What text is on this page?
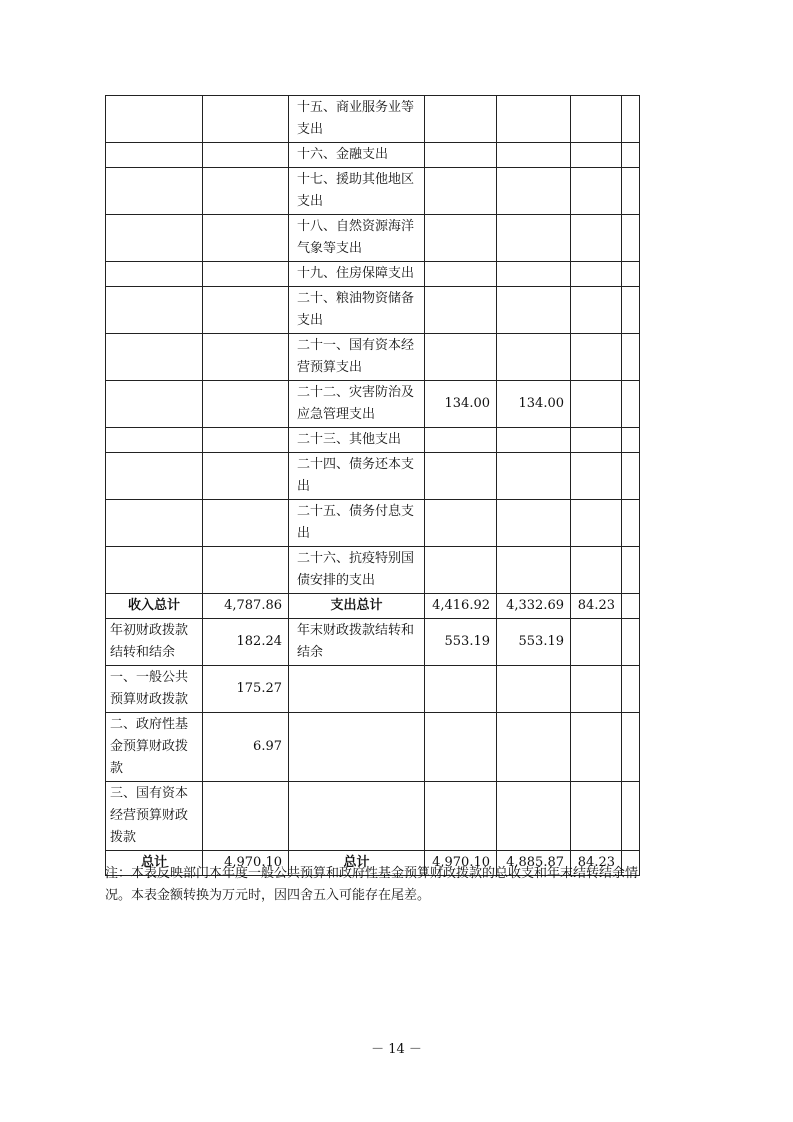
		十五、商业服务业等支出				
		十六、金融支出				
		十七、援助其他地区支出				
		十八、自然资源海洋气象等支出				
		十九、住房保障支出				
		二十、粮油物资储备支出				
		二十一、国有资本经营预算支出				
		二十二、灾害防治及应急管理支出	134.00	134.00		
		二十三、其他支出				
		二十四、债务还本支出				
		二十五、债务付息支出				
		二十六、抗疫特别国债安排的支出				
收入总计	4,787.86	支出总计	4,416.92	4,332.69	84.23	
年初财政拨款结转和结余	182.24	年末财政拨款结转和结余	553.19	553.19		
一、一般公共预算财政拨款	175.27					
二、政府性基金预算财政拨款	6.97					
三、国有资本经营预算财政拨款						
总计	4,970.10	总计	4,970.10	4,885.87	84.23	
注：本表反映部门本年度一般公共预算和政府性基金预算财政拨款的总收支和年末结转结余情况。本表金额转换为万元时，因四舍五入可能存在尾差。
－ 14 －
